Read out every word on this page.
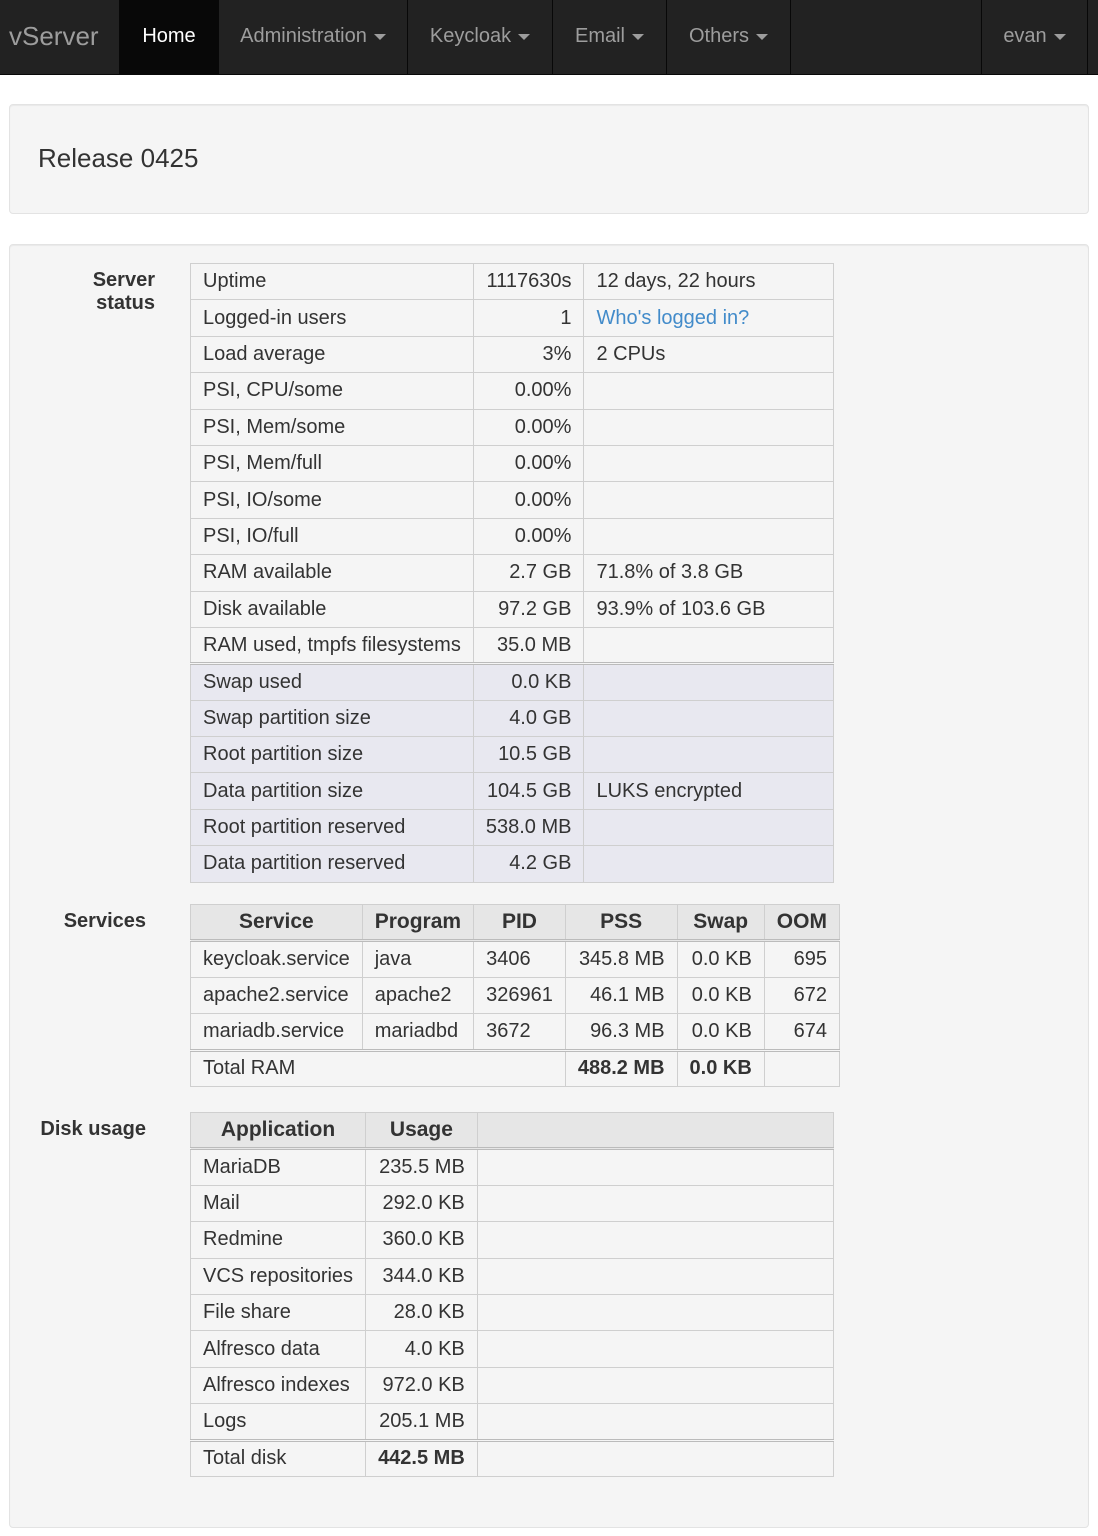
vServer	Home	Administration	Keycloak	Email	Others	evan
Release 0425
Server
status
Uptime	1117630s	12 days, 22 hours
Logged-in users	1	Who's logged in?
Load average	3%	2 CPUs
PSI, CPU/some	0.00%	
PSI, Mem/some	0.00%	
PSI, Mem/full	0.00%	
PSI, IO/some	0.00%	
PSI, IO/full	0.00%	
RAM available	2.7 GB	71.8% of 3.8 GB
Disk available	97.2 GB	93.9% of 103.6 GB
RAM used, tmpfs filesystems	35.0 MB	
Swap used	0.0 KB	
Swap partition size	4.0 GB	
Root partition size	10.5 GB	
Data partition size	104.5 GB	LUKS encrypted
Root partition reserved	538.0 MB	
Data partition reserved	4.2 GB	
Services	Service	Program	PID	PSS	Swap	OOM
keycloak.service	java	3406	345.8 MB	0.0 KB	695
apache2.service	apache2	326961	46.1 MB	0.0 KB	672
mariadb.service	mariadbd	3672	96.3 MB	0.0 KB	674
Total RAM			488.2 MB	0.0 KB	
Disk usage	Application	Usage	
MariaDB	235.5 MB	
Mail	292.0 KB	
Redmine	360.0 KB	
VCS repositories	344.0 KB	
File share	28.0 KB	
Alfresco data	4.0 KB	
Alfresco indexes	972.0 KB	
Logs	205.1 MB	
Total disk	442.5 MB	
